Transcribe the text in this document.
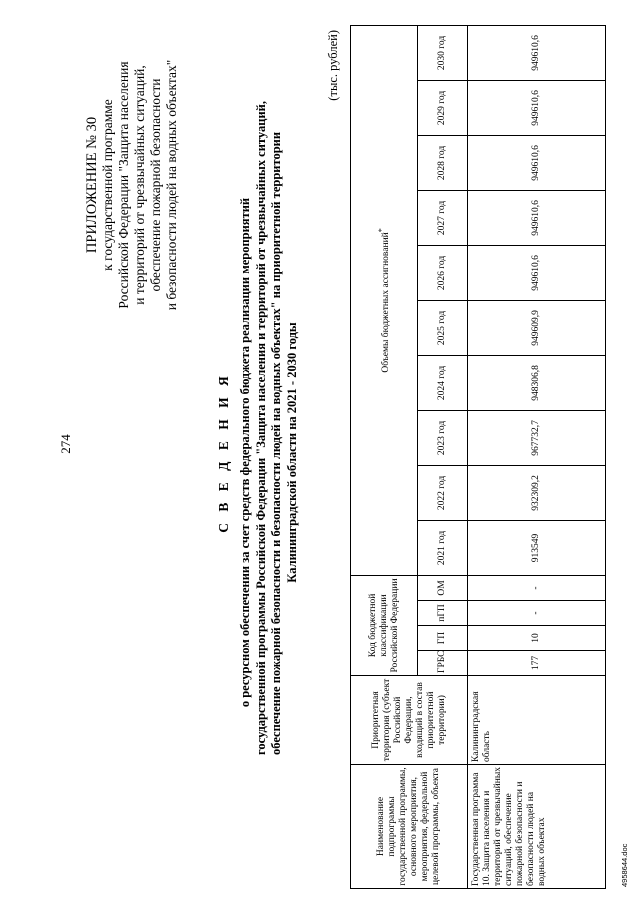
274
ПРИЛОЖЕНИЕ № 30 к государственной программе Российской Федерации "Защита населения и территорий от чрезвычайных ситуаций, обеспечение пожарной безопасности и безопасности людей на водных объектах"
С В Е Д Е Н И Я о ресурсном обеспечении за счет средств федерального бюджета реализации мероприятий государственной программы Российской Федерации "Защита населения и территорий от чрезвычайных ситуаций, обеспечение пожарной безопасности и безопасности людей на водных объектах" на приоритетной территории Калининградской области на 2021 - 2030 годы
(тыс. рублей)
Наименование подпрограммы государственной программы, основного мероприятия, мероприятия, федеральной целевой программы, объекта	Приоритетная территория (субъект Российской Федерации, входящий в состав приоритетной территории)	Код бюджетной классификации Российской Федерации				Объемы бюджетных ассигнований*
		ГРБС	ГП	пГП	ОМ	2021 год	2022 год	2023 год	2024 год	2025 год	2026 год	2027 год	2028 год	2029 год	2030 год
Государственная программа 10. Защита населения и территорий от чрезвычайных ситуаций, обеспечение пожарной безопасности и безопасности людей на водных объектах	Калининградская область	177	10	-	-	913549	932309,2	967732,7	948306,8	949609,9	949610,6	949610,6	949610,6	949610,6	949610,6
4958644.doc
